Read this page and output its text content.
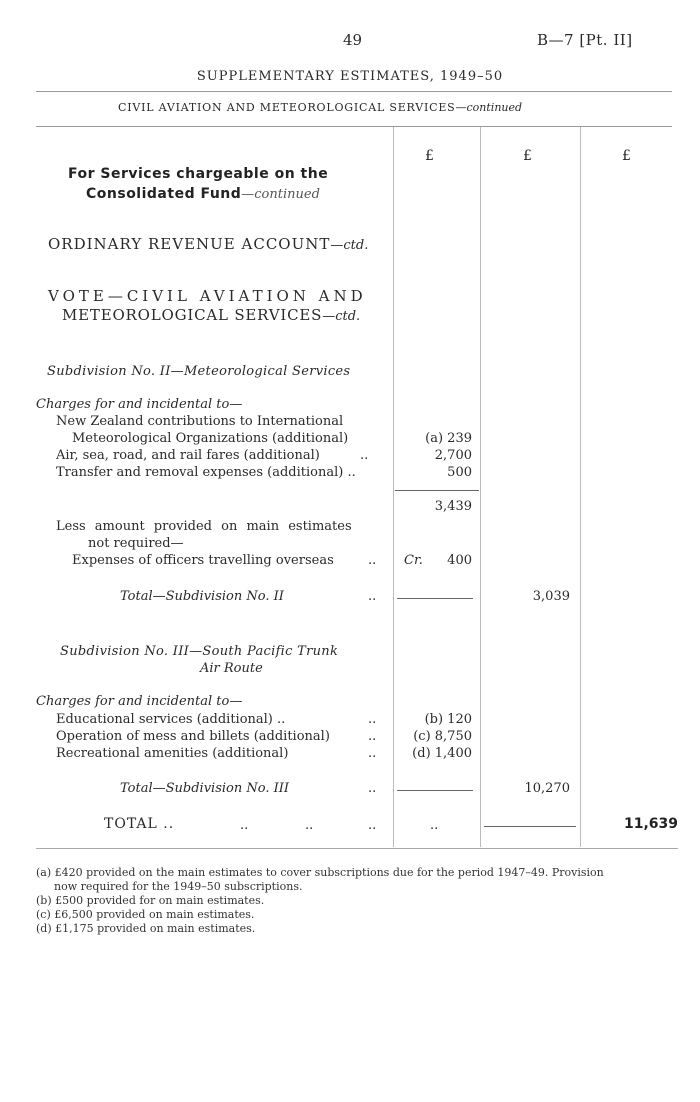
49	B—7 [Pt. II]
SUPPLEMENTARY ESTIMATES, 1949–50
CIVIL AVIATION AND METEOROLOGICAL SERVICES—continued
£	£	£
For Services chargeable on the
Consolidated Fund—continued
ORDINARY REVENUE ACCOUNT—ctd.
VOTE—CIVIL AVIATION AND
METEOROLOGICAL SERVICES—ctd.
Subdivision No. II—Meteorological Services
Charges for and incidental to—
New Zealand contributions to International
Meteorological Organizations (additional)	(a) 239
Air, sea, road, and rail fares (additional)	..	2,700
Transfer and removal expenses (additional) ..	500
3,439
Less amount provided on main estimates
not required—
Expenses of officers travelling overseas	.. Cr.	400
Total—Subdivision No. II	..	3,039
Subdivision No. III—South Pacific Trunk
Air Route
Charges for and incidental to—
Educational services (additional) ..	..	(b) 120
Operation of mess and billets (additional)	..	(c) 8,750
Recreational amenities (additional)	..	(d) 1,400
Total—Subdivision No. III	..	10,270
TOTAL ..	..	..	..	..	11,639
(a) £420 provided on the main estimates to cover subscriptions due for the period 1947–49. Provision
now required for the 1949–50 subscriptions.
(b) £500 provided for on main estimates.
(c) £6,500 provided on main estimates.
(d) £1,175 provided on main estimates.
